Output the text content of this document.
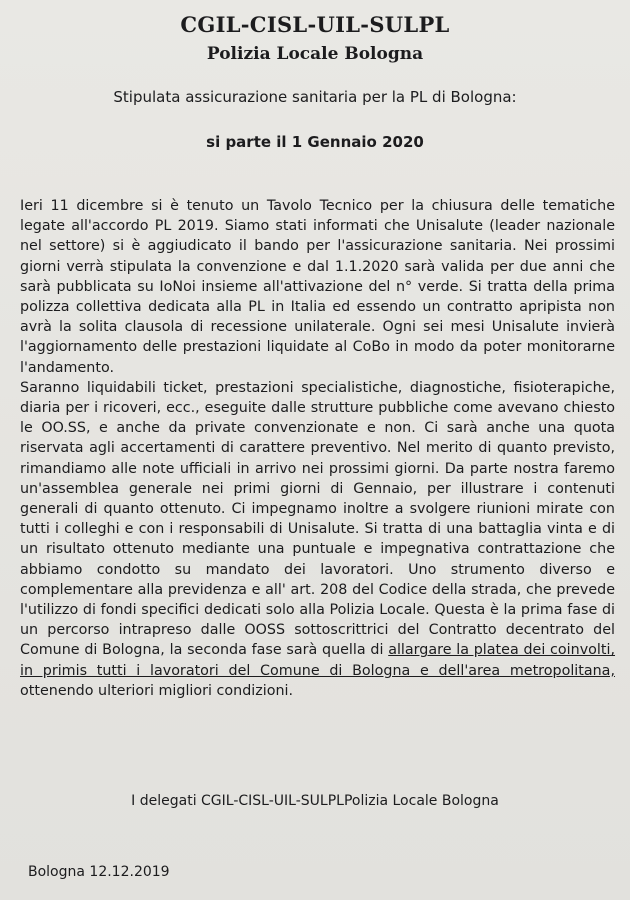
CGIL-CISL-UIL-SULPL
Polizia Locale Bologna
Stipulata assicurazione sanitaria per la PL di Bologna:
si parte il 1 Gennaio 2020

Ieri 11 dicembre si è tenuto un Tavolo Tecnico per la chiusura delle tematiche legate all'accordo PL 2019. Siamo stati informati che Unisalute (leader nazionale nel settore) si è aggiudicato il bando per l'assicurazione sanitaria. Nei prossimi giorni verrà stipulata la convenzione e dal 1.1.2020 sarà valida per due anni che sarà pubblicata su IoNoi insieme all'attivazione del n° verde. Si tratta della prima polizza collettiva dedicata alla PL in Italia ed essendo un contratto apripista non avrà la solita clausola di recessione unilaterale. Ogni sei mesi Unisalute invierà l'aggiornamento delle prestazioni liquidate al CoBo in modo da poter monitorarne l'andamento.

Saranno liquidabili ticket, prestazioni specialistiche, diagnostiche, fisioterapiche, diaria per i ricoveri, ecc., eseguite dalle strutture pubbliche come avevano chiesto le OO.SS, e anche da private convenzionate e non. Ci sarà anche una quota riservata agli accertamenti di carattere preventivo. Nel merito di quanto previsto, rimandiamo alle note ufficiali in arrivo nei prossimi giorni. Da parte nostra faremo un'assemblea generale nei primi giorni di Gennaio, per illustrare i contenuti generali di quanto ottenuto. Ci impegnamo inoltre a svolgere riunioni mirate con tutti i colleghi e con i responsabili di Unisalute. Si tratta di una battaglia vinta e di un risultato ottenuto mediante una puntuale e impegnativa contrattazione che abbiamo condotto su mandato dei lavoratori. Uno strumento diverso e complementare alla previdenza e all' art. 208 del Codice della strada, che prevede l'utilizzo di fondi specifici dedicati solo alla Polizia Locale. Questa è la prima fase di un percorso intrapreso dalle OOSS sottoscrittrici del Contratto decentrato del Comune di Bologna, la seconda fase sarà quella di allargare la platea dei coinvolti, in primis tutti i lavoratori del Comune di Bologna e dell'area metropolitana, ottenendo ulteriori migliori condizioni.

I delegati CGIL-CISL-UIL-SULPLPolizia Locale Bologna
Bologna 12.12.2019
